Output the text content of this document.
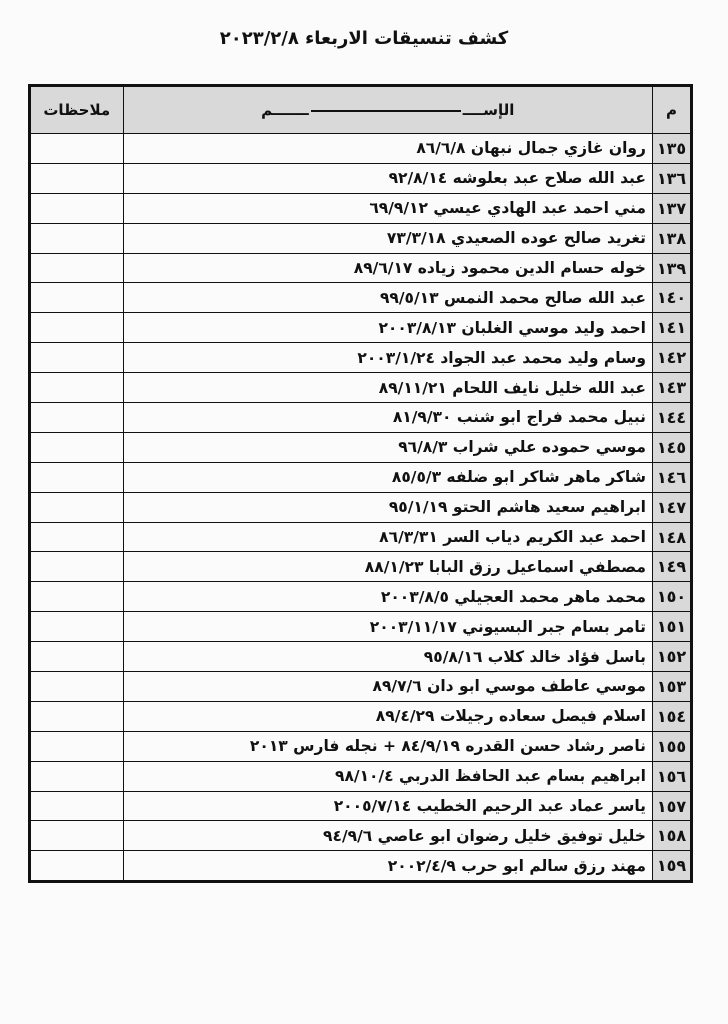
كشف تنسيقات الاربعاء ٢٠٢٣/٢/٨
م	الإســـــــــــم	ملاحظات
١٣٥	روان غازي جمال نبهان ٨٦/٦/٨	
١٣٦	عبد الله صلاح عبد بعلوشه ٩٢/٨/١٤	
١٣٧	مني احمد عبد الهادي عيسي ٦٩/٩/١٢	
١٣٨	تغريد صالح عوده الصعيدي ٧٣/٣/١٨	
١٣٩	خوله حسام الدين محمود زياده ٨٩/٦/١٧	
١٤٠	عبد الله صالح محمد النمس ٩٩/٥/١٣	
١٤١	احمد وليد موسي الغلبان ٢٠٠٣/٨/١٣	
١٤٢	وسام وليد محمد عبد الجواد ٢٠٠٣/١/٢٤	
١٤٣	عبد الله خليل نايف اللحام ٨٩/١١/٢١	
١٤٤	نبيل محمد فراج ابو شنب ٨١/٩/٣٠	
١٤٥	موسي حموده علي شراب ٩٦/٨/٣	
١٤٦	شاكر ماهر شاكر ابو ضلفه ٨٥/٥/٣	
١٤٧	ابراهيم سعيد هاشم الحتو ٩٥/١/١٩	
١٤٨	احمد عبد الكريم دياب السر ٨٦/٣/٣١	
١٤٩	مصطفي اسماعيل رزق البابا ٨٨/١/٢٣	
١٥٠	محمد ماهر محمد العجيلي ٢٠٠٣/٨/٥	
١٥١	تامر بسام جبر البسيوني ٢٠٠٣/١١/١٧	
١٥٢	باسل فؤاد خالد كلاب ٩٥/٨/١٦	
١٥٣	موسي عاطف موسي ابو دان ٨٩/٧/٦	
١٥٤	اسلام فيصل سعاده رجيلات ٨٩/٤/٢٩	
١٥٥	ناصر رشاد حسن القدره ٨٤/٩/١٩ + نجله فارس ٢٠١٣	
١٥٦	ابراهيم بسام عبد الحافظ الدربي ٩٨/١٠/٤	
١٥٧	ياسر عماد عبد الرحيم الخطيب ٢٠٠٥/٧/١٤	
١٥٨	خليل توفيق خليل رضوان ابو عاصي ٩٤/٩/٦	
١٥٩	مهند رزق سالم ابو حرب ٢٠٠٢/٤/٩	
